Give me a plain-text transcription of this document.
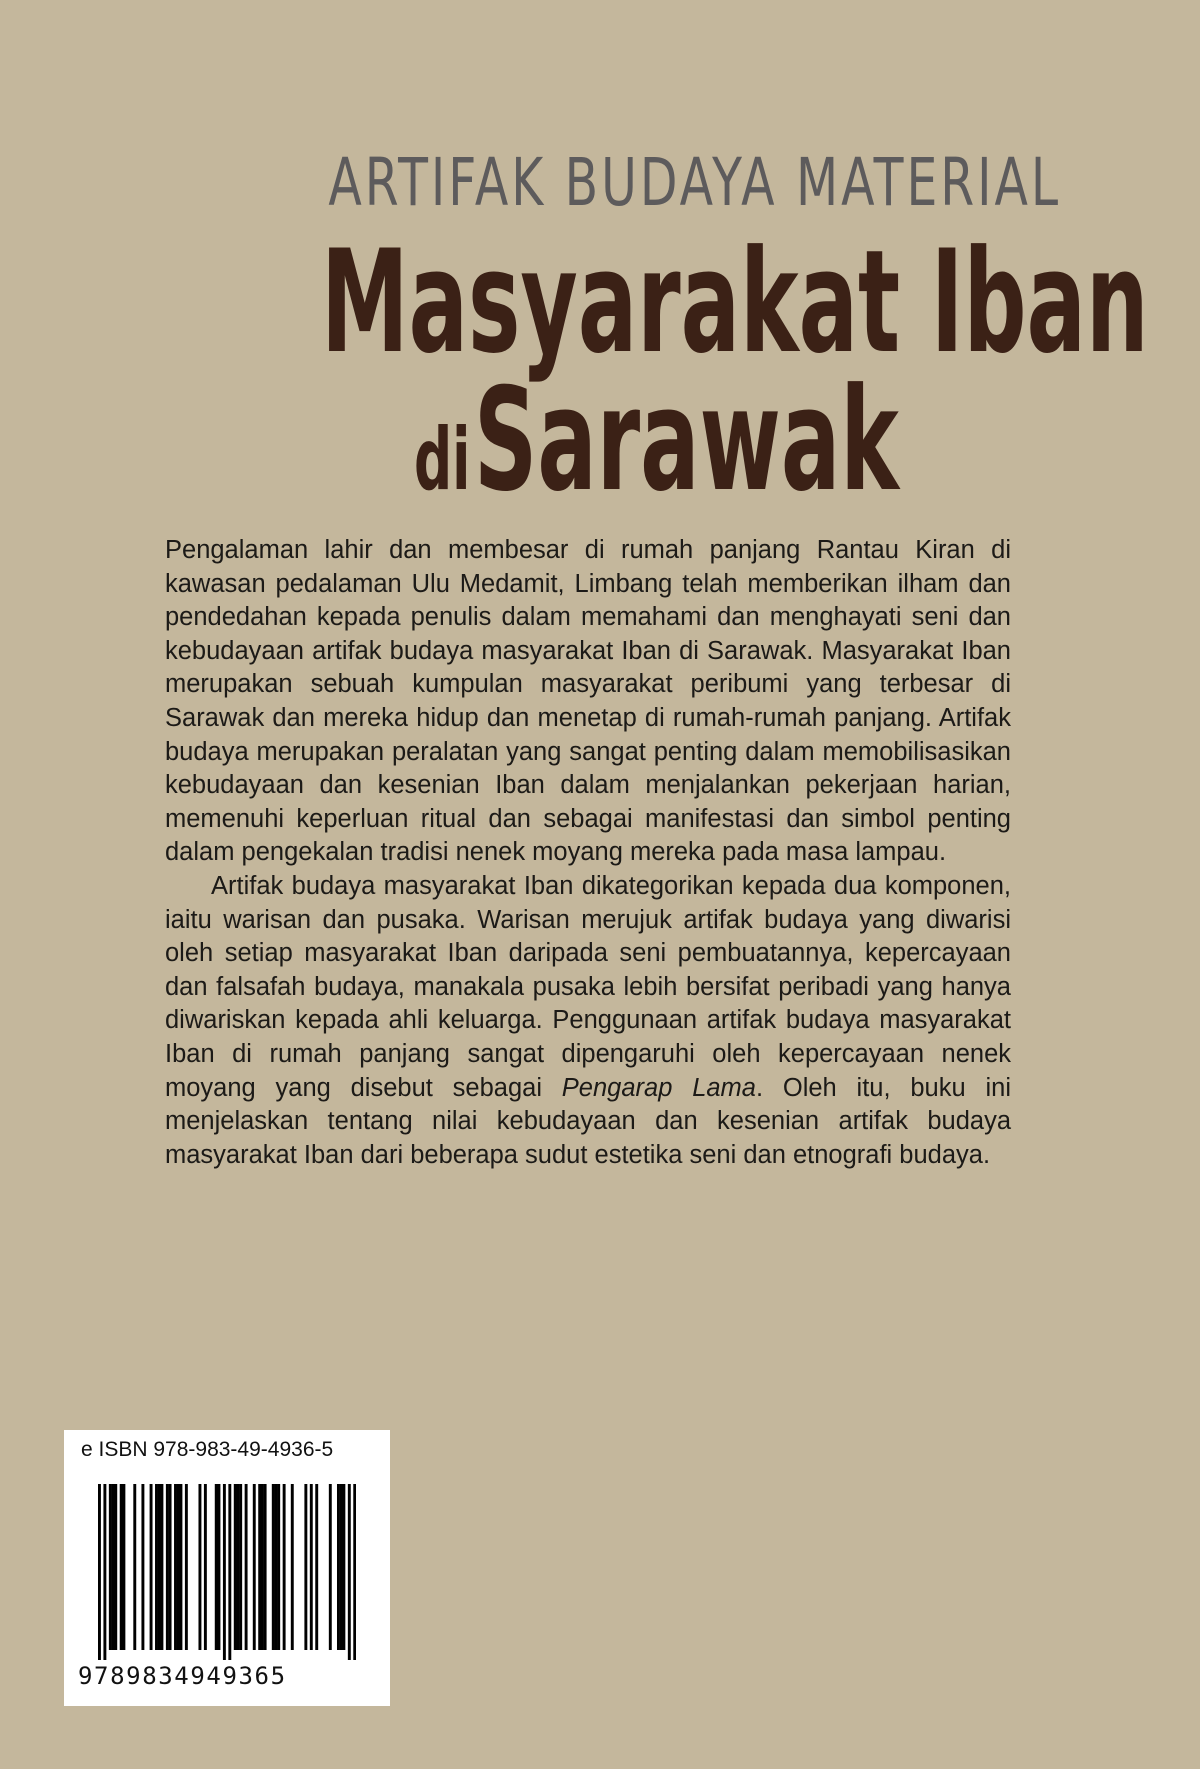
ARTIFAK BUDAYA MATERIAL
Masyarakat Iban
di Sarawak

Pengalaman lahir dan membesar di rumah panjang Rantau Kiran di kawasan pedalaman Ulu Medamit, Limbang telah memberikan ilham dan pendedahan kepada penulis dalam memahami dan menghayati seni dan kebudayaan artifak budaya masyarakat Iban di Sarawak. Masyarakat Iban merupakan sebuah kumpulan masyarakat peribumi yang terbesar di Sarawak dan mereka hidup dan menetap di rumah-rumah panjang. Artifak budaya merupakan peralatan yang sangat penting dalam memobilisasikan kebudayaan dan kesenian Iban dalam menjalankan pekerjaan harian, memenuhi keperluan ritual dan sebagai manifestasi dan simbol penting dalam pengekalan tradisi nenek moyang mereka pada masa lampau.

Artifak budaya masyarakat Iban dikategorikan kepada dua komponen, iaitu warisan dan pusaka. Warisan merujuk artifak budaya yang diwarisi oleh setiap masyarakat Iban daripada seni pembuatannya, kepercayaan dan falsafah budaya, manakala pusaka lebih bersifat peribadi yang hanya diwariskan kepada ahli keluarga. Penggunaan artifak budaya masyarakat Iban di rumah panjang sangat dipengaruhi oleh kepercayaan nenek moyang yang disebut sebagai Pengarap Lama. Oleh itu, buku ini menjelaskan tentang nilai kebudayaan dan kesenian artifak budaya masyarakat Iban dari beberapa sudut estetika seni dan etnografi budaya.

e ISBN 978-983-49-4936-5
9789834949365
